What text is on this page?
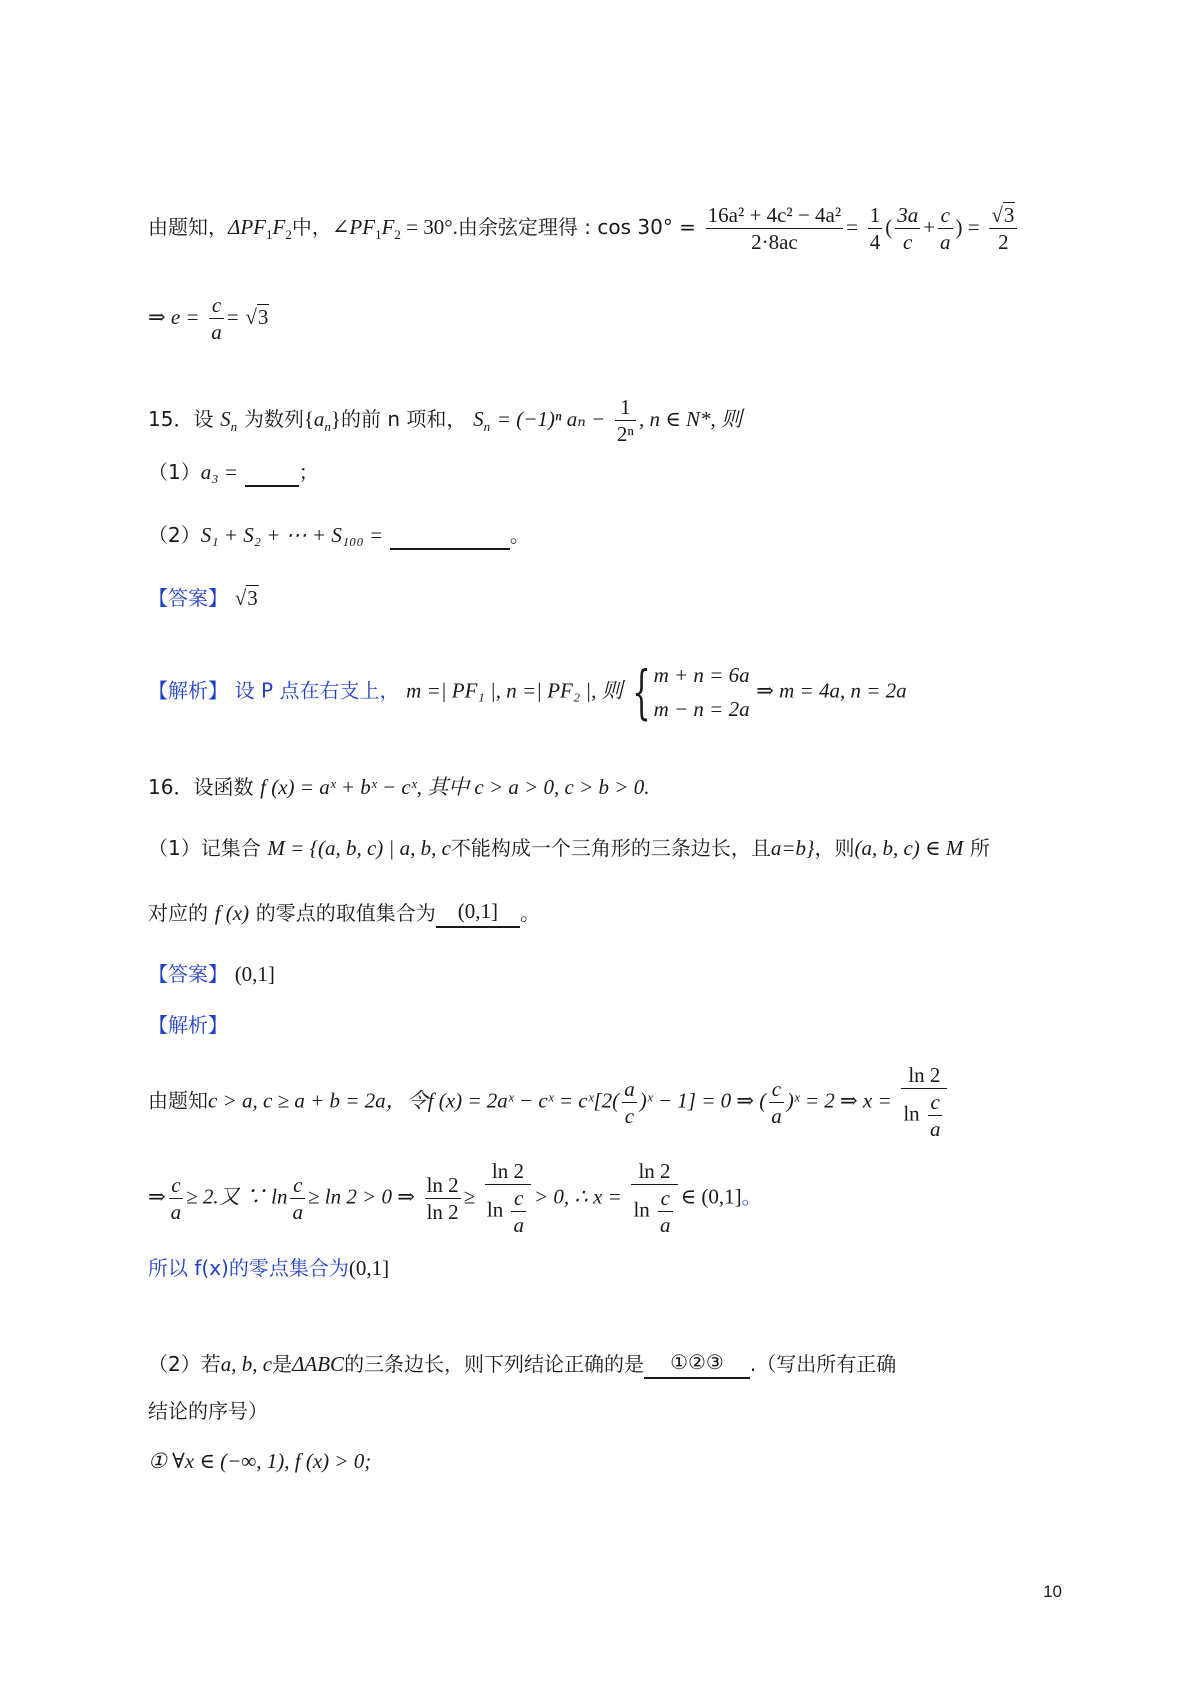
由题知，$\Delta PF_1F_2$中，$\angle PF_1F_2 = 30^\circ$.由余弦定理得 : $\cos 30^\circ = \frac{\text{16a² + 4c² − 4a²}}{2\cdot 8ac} = \frac{1}{4}$ ( $\frac{3a}{c} + \frac{c}{a}$ ) = $\frac{√3}{2}$
⇒ $e = \frac{c}{a} = √3$
15．设 $S_n$ 为数列$\{a_n\}$的前 n 项和， $S_n = (-1)^n$ $a_n - \frac{1}{\text{2ⁿ}}$ , n ∈ N*, 则
（1）a₃ =	；
（2）S₁ + S₂ + ⋯ + S₁₀₀ =	。
【答案】 √3
【解析】 设 P 点在右支上， m =| PF₁ |, n =| PF₂ |, 则 { m + n = 6a
m − n = 2a
⇒ m = 4a, n = 2a
16．设函数 f (x) = aˣ + bˣ − cˣ, 其中 c > a > 0, c > b > 0.
（1）记集合 M = {(a, b, c) | a, b, c不能构成一个三角形的三条边长，且a=b}，则(a, b, c) ∈ M 所
对应的 f (x) 的零点的取值集合为 (0,1] 。
【答案】 (0,1]
【解析】
由题知c > a, c ≥ a + b = 2a，令f (x) = 2aˣ − cˣ = cˣ[2( $\frac{a}{c}$ )ˣ − 1] = 0 ⇒ ( $\frac{c}{a}$ )ˣ = 2 ⇒ $x = \frac{\ln 2}{\ln \frac{c}{a}}$
⇒ $\frac{c}{a} \ge 2$.又 ∵ $\ln \frac{c}{a} \ge \ln 2 > 0$ ⇒ $\frac{\ln 2}{\ln 2} \ge \frac{\ln 2}{\ln \frac{c}{a}} > 0$, ∴ $x = \frac{\ln 2}{\ln \frac{c}{a}}$ ∈ (0,1]。
所以 f(x)的零点集合为(0,1]
（2）若a, b, c是ΔABC的三条边长，则下列结论正确的是 ①②③ .（写出所有正确
结论的序号）
① ∀x ∈ (−∞, 1), f (x) > 0;
10
